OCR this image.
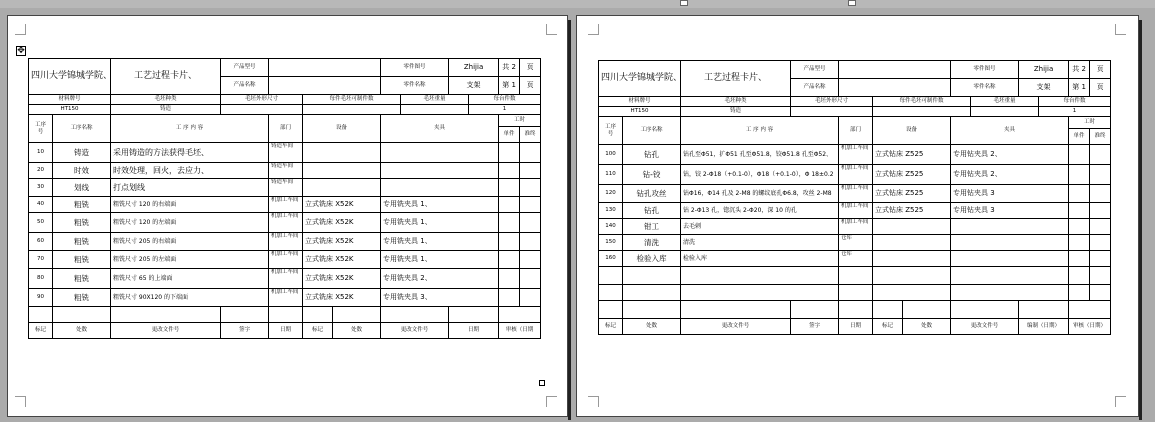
✥
四川大学锦城学院、		工艺过程卡片、	产品型号				零件图号		Zhijia		共 2	页
			产品名称				零件名称		支架		第 1	页
材料牌号		毛坯种类	毛坯外形尺寸		每件毛坯可制件数			毛坯重量		每台件数		
HT150		铸造								1		
工序
号	工序名称	工 序 内 容		部门	设备		夹具				工时	
											单件	准终
10	铸造	采用铸造的方法获得毛坯、		铸造车间								
20	时效	时效处理，回火，去应力、		铸造车间								
30	划线	打点划线		铸造车间								
40	粗铣	粗铣尺寸 120 的右端面		机加工车间	立式铣床 X52K		专用铣夹具 1、					
50	粗铣	粗铣尺寸 120 的左端面		机加工车间	立式铣床 X52K		专用铣夹具 1、					
60	粗铣	粗铣尺寸 205 的右端面		机加工车间	立式铣床 X52K		专用铣夹具 1、					
70	粗铣	粗铣尺寸 205 的左端面		机加工车间	立式铣床 X52K		专用铣夹具 1、					
80	粗铣	粗铣尺寸 65 的上端面		机加工车间	立式铣床 X52K		专用铣夹具 2、					
90	粗铣	粗铣尺寸 90X120 的下端面		机加工车间	立式铣床 X52K		专用铣夹具 3、					

标记	处数	更改文件号	签字	日期	标记	处数	更改文件号		日期		审核（日期	
四川大学锦城学院、		工艺过程卡片、	产品型号				零件图号		Zhijia		共 2	页
			产品名称				零件名称		支架		第 1	页
材料牌号		毛坯种类	毛坯外形尺寸		每件毛坯可制件数			毛坯重量		每台件数		
HT150		铸造								1		
工序
号	工序名称	工 序 内 容		部门	设备		夹具				工时	
											单件	准终
100	钻孔	钻孔至Φ51，扩Φ51 孔至Φ51.8，铰Φ51.8 孔至Φ52、		机加工车间	立式钻床 Z525		专用钻夹具 2、					
110	钻-铰	钻，铰 2-Φ18（+0.1-0），Φ18（+0.1-0），Φ 18±0.2		机加工车间	立式钻床 Z525		专用钻夹具 2、					
120	钻孔攻丝	钻Φ16，Φ14 孔及 2-M8 的螺纹底孔Φ6.8，攻丝 2-M8		机加工车间	立式钻床 Z525		专用钻夹具 3					
130	钻孔	钻 2-Φ13 孔，锪沉头 2-Φ20，深 10 的孔		机加工车间	立式钻床 Z525		专用钻夹具 3					
140	钳工	去毛刺		机加工车间								
150	清洗	清洗		仓库								
160	检验入库	检验入库		仓库								

标记	处数	更改文件号	签字	日期	标记	处数	更改文件号		编制（日期）		审核（日期）	
